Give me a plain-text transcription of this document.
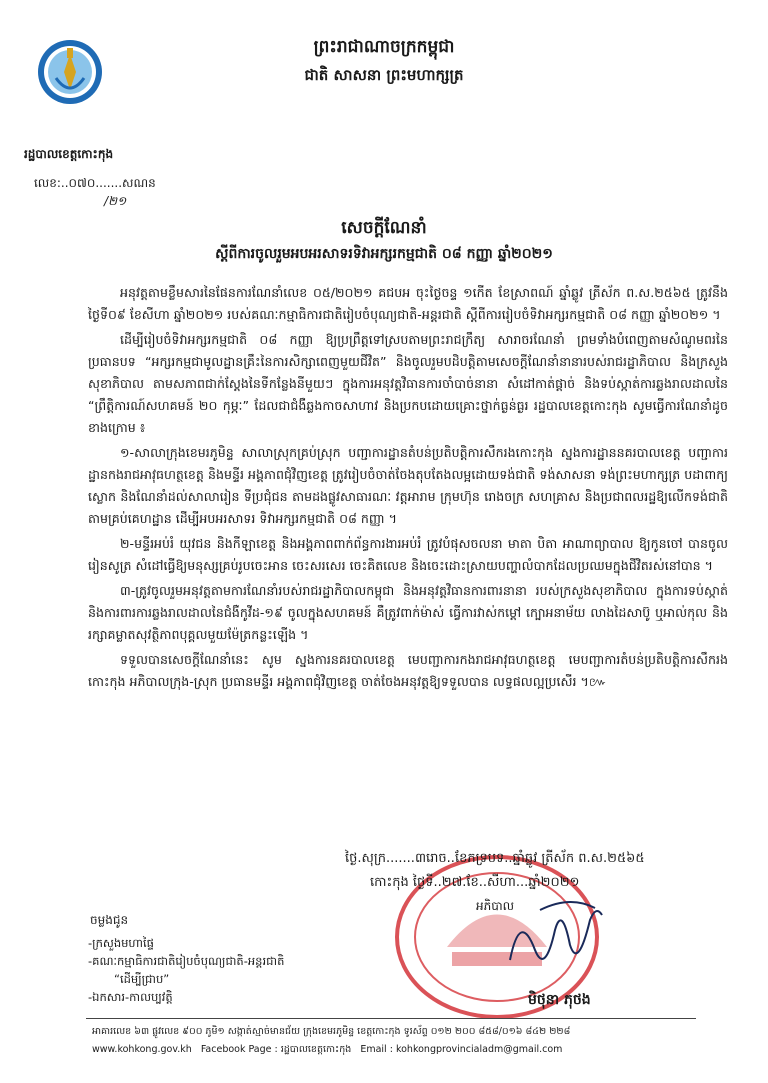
ព្រះរាជាណាចក្រកម្ពុជា
ជាតិ សាសនា ព្រះមហាក្សត្រ
រដ្ឋបាលខេត្តកោះកុង
លេខ:..០៧០.......សណន
/២១
សេចក្តីណែនាំ
ស្តីពីការចូលរួមអបអរសាទរទិវាអក្សរកម្មជាតិ ០៨ កញ្ញា ឆ្នាំ២០២១

អនុវត្តតាមខ្លឹមសារនៃផែនការណែនាំលេខ ០៥/២០២១ គជបអ ចុះថ្ងៃចន្ទ ១កើត ខែស្រាពណ៍ ឆ្នាំឆ្លូវ ត្រីស័ក ព.ស.២៥៦៥ ត្រូវនឹងថ្ងៃទី០៩ ខែសីហា ឆ្នាំ២០២១ របស់គណៈកម្មាធិការជាតិរៀបចំបុណ្យជាតិ-អន្តរជាតិ ស្តីពីការរៀបចំទិវាអក្សរកម្មជាតិ ០៨ កញ្ញា ឆ្នាំ២០២១ ។

ដើម្បីរៀបចំទិវាអក្សរកម្មជាតិ ០៨ កញ្ញា ឱ្យប្រព្រឹត្តទៅស្របតាមព្រះរាជក្រឹត្យ សារាចរណែនាំ ព្រមទាំងបំពេញតាមសំណូមពរនៃប្រធានបទ “អក្សរកម្មជាមូលដ្ឋានគ្រឹះនៃការសិក្សាពេញមួយជីវិត” និងចូលរួមបដិបត្តិតាមសេចក្តីណែនាំនានារបស់រាជរដ្ឋាភិបាល និងក្រសួងសុខាភិបាល តាមសភាពជាក់ស្តែងនៃទីកន្លែងនីមួយៗ ក្នុងការអនុវត្តវិធានការចាំបាច់នានា សំដៅកាត់ផ្តាច់ និងទប់ស្កាត់ការឆ្លងរាលដាលនៃ “ព្រឹត្តិការណ៍សហគមន៍ ២០ កុម្ភៈ” ដែលជាជំងឺឆ្លងកាចសាហាវ និងប្រកបដោយគ្រោះថ្នាក់ធ្ងន់ធ្ងរ រដ្ឋបាលខេត្តកោះកុង សូមធ្វើការណែនាំដូចខាងក្រោម ៖

១-សាលាក្រុងខេមរភូមិន្ទ សាលាស្រុកគ្រប់ស្រុក បញ្ជាការដ្ឋានតំបន់ប្រតិបត្តិការសឹករងកោះកុង ស្នងការដ្ឋាននគរបាលខេត្ត បញ្ជាការដ្ឋានកងរាជអាវុធហត្ថខេត្ត និងមន្ទីរ អង្គភាពជុំវិញខេត្ត ត្រូវរៀបចំចាត់ចែងតុបតែងលម្អដោយទង់ជាតិ ទង់សាសនា ទង់ព្រះមហាក្សត្រ បដាពាក្យស្លោក និងណែនាំដល់សាលារៀន ទីប្រជុំជន តាមដងផ្លូវសាធារណៈ វត្តអារាម ក្រុមហ៊ុន រោងចក្រ សហគ្រាស និងប្រជាពលរដ្ឋឱ្យលើកទង់ជាតិតាមគ្រប់គេហដ្ឋាន ដើម្បីអបអរសាទរ ទិវាអក្សរកម្មជាតិ ០៨ កញ្ញា ។

២-មន្ទីរអប់រំ យុវជន និងកីឡាខេត្ត និងអង្គភាពពាក់ព័ន្ធការងារអប់រំ ត្រូវបំផុសចលនា មាតា បិតា អាណាព្យាបាល ឱ្យកូនចៅ បានចូលរៀនសូត្រ សំដៅធ្វើឱ្យមនុស្សគ្រប់រូបចេះអាន ចេះសរសេរ ចេះគិតលេខ និងចេះដោះស្រាយបញ្ហាលំបាកដែលប្រឈមក្នុងជីវិតរស់នៅបាន ។

៣-ត្រូវចូលរួមអនុវត្តតាមការណែនាំរបស់រាជរដ្ឋាភិបាលកម្ពុជា និងអនុវត្តវិធានការពារនានា របស់ក្រសួងសុខាភិបាល ក្នុងការទប់ស្កាត់ និងការពារការឆ្លងរាលដាលនៃជំងឺកូវីដ-១៩ ចូលក្នុងសហគមន៍ គឺត្រូវពាក់ម៉ាស់ ធ្វើការវាស់កម្តៅ ក្បោអនាម័យ លាងដៃសាប៊ូ ឬអាល់កុល និងរក្សាគម្លាតសុវត្ថិភាពបុគ្គលមួយម៉ែត្រកន្លះឡើង ។

ទទួលបានសេចក្តីណែនាំនេះ សូម ស្នងការនគរបាលខេត្ត មេបញ្ជាការកងរាជអាវុធហត្ថខេត្ត មេបញ្ជាការតំបន់ប្រតិបត្តិការសឹករងកោះកុង អភិបាលក្រុង-ស្រុក ប្រធានមន្ទីរ អង្គភាពជុំវិញខេត្ត ចាត់ចែងអនុវត្តឱ្យទទួលបាន លទ្ធផលល្អប្រសើរ ។៚

ថ្ងៃ.សុក្រ.......៣រោច..ខែភទ្របទ..ឆ្នាំឆ្លូវ ត្រីស័ក ព.ស.២៥៦៥
កោះកុង ថ្ងៃទី..២៧.ខែ..សីហា...ឆ្នាំ២០២១
អភិបាល
មិថុនា ភុថង
ចម្លងជូន
-ក្រសួងមហាផ្ទៃ
-គណៈកម្មាធិការជាតិរៀបចំបុណ្យជាតិ-អន្តរជាតិ
“ដើម្បីជ្រាប”
-ឯកសារ-កាលប្បវត្តិ
អាគារលេខ ៦៣ ផ្លូវលេខ ៩០០ ភូមិ១ សង្កាត់ស្មាច់មានជ័យ ក្រុងខេមរភូមិន្ទ ខេត្តកោះកុង ទូរស័ព្ទ ០១២ ២០០ ៨៥៨/០១៦ ៨៤២ ២២៨
www.kohkong.gov.kh Facebook Page : រដ្ឋបាលខេត្តកោះកុង Email : kohkongprovincialadm@gmail.com
